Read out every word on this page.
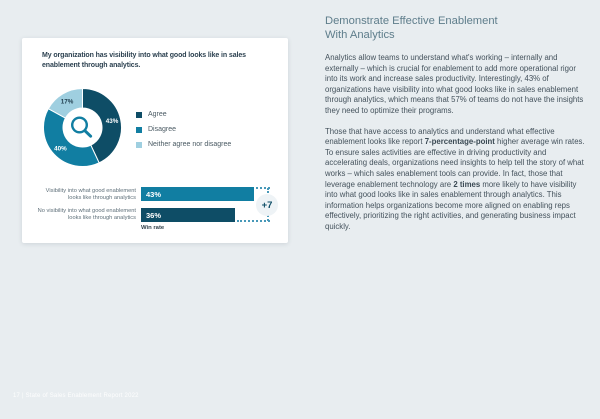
My organization has visibility into what good looks like in sales enablement through analytics.
43%
40%
17%
Agree
Disagree
Neither agree nor disagree
Visibility into what good enablement looks like through analytics
No visibility into what good enablement looks like through analytics
43%
36%
+7
Win rate
Demonstrate Effective Enablement With Analytics

Analytics allow teams to understand what's working – internally and externally – which is crucial for enablement to add more operational rigor into its work and increase sales productivity. Interestingly, 43% of organizations have visibility into what good looks like in sales enablement through analytics, which means that 57% of teams do not have the insights they need to optimize their programs.

Those that have access to analytics and understand what effective enablement looks like report 7-percentage-point higher average win rates. To ensure sales activities are effective in driving productivity and accelerating deals, organizations need insights to help tell the story of what works – which sales enablement tools can provide. In fact, those that leverage enablement technology are 2 times more likely to have visibility into what good looks like in sales enablement through analytics. This information helps organizations become more aligned on enabling reps effectively, prioritizing the right activities, and generating business impact quickly.

17 | State of Sales Enablement Report 2022
